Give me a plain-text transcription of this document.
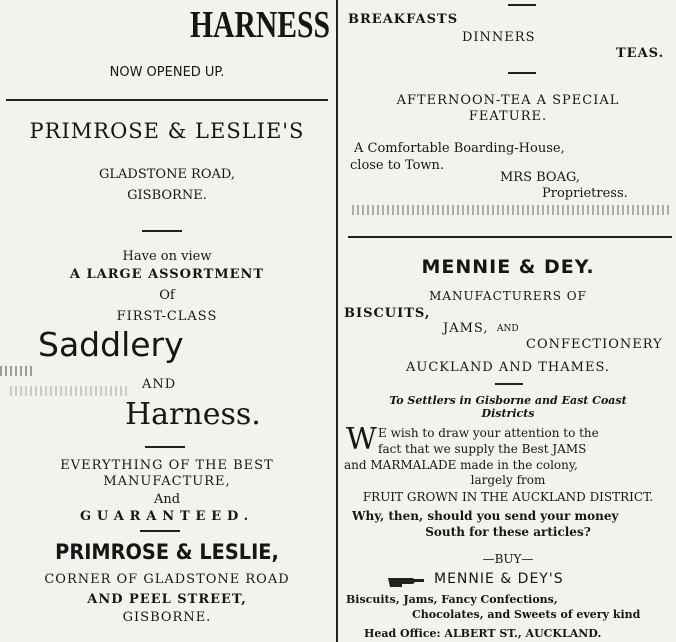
HARNESS
NOW OPENED UP.
PRIMROSE & LESLIE'S
GLADSTONE ROAD,
GISBORNE.
Have on view
A LARGE ASSORTMENT
Of
FIRST-CLASS
Saddlery
AND
Harness.
EVERYTHING OF THE BEST
MANUFACTURE,
And
GUARANTEED.
PRIMROSE & LESLIE,
CORNER OF GLADSTONE ROAD
AND PEEL STREET,
GISBORNE.
BREAKFASTS
DINNERS
TEAS.
AFTERNOON-TEA A SPECIAL
FEATURE.
A Comfortable Boarding-House,
close to Town.
MRS BOAG,
Proprietress.
MENNIE & DEY.
MANUFACTURERS OF
BISCUITS,
JAMS, AND
CONFECTIONERY
AUCKLAND AND THAMES.
To Settlers in Gisborne and East Coast
Districts
W E wish to draw your attention to the
fact that we supply the Best JAMS
and MARMALADE made in the colony,
largely from
FRUIT GROWN IN THE AUCKLAND DISTRICT.
Why, then, should you send your money
South for these articles?
—BUY—
MENNIE & DEY'S
Biscuits, Jams, Fancy Confections,
Chocolates, and Sweets of every kind
Head Office: ALBERT ST., AUCKLAND.
